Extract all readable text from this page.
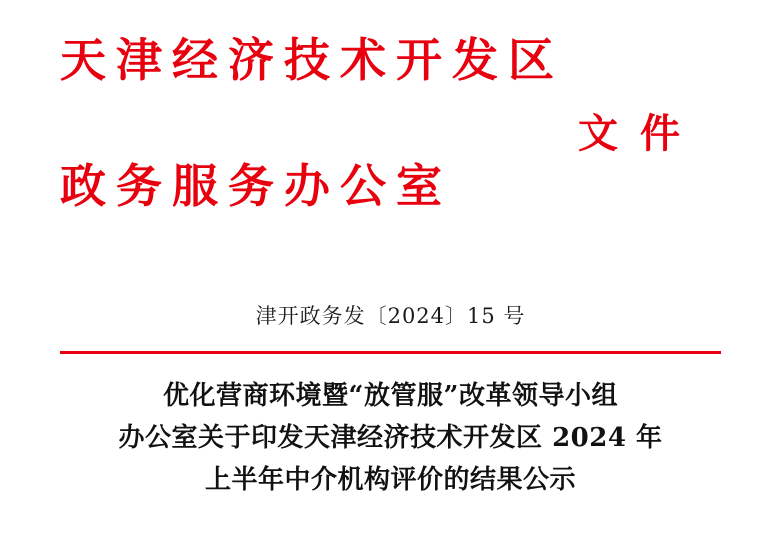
天津经济技术开发区
文件
政务服务办公室
津开政务发〔2024〕15 号
优化营商环境暨“放管服”改革领导小组
办公室关于印发天津经济技术开发区 2024 年
上半年中介机构评价的结果公示
